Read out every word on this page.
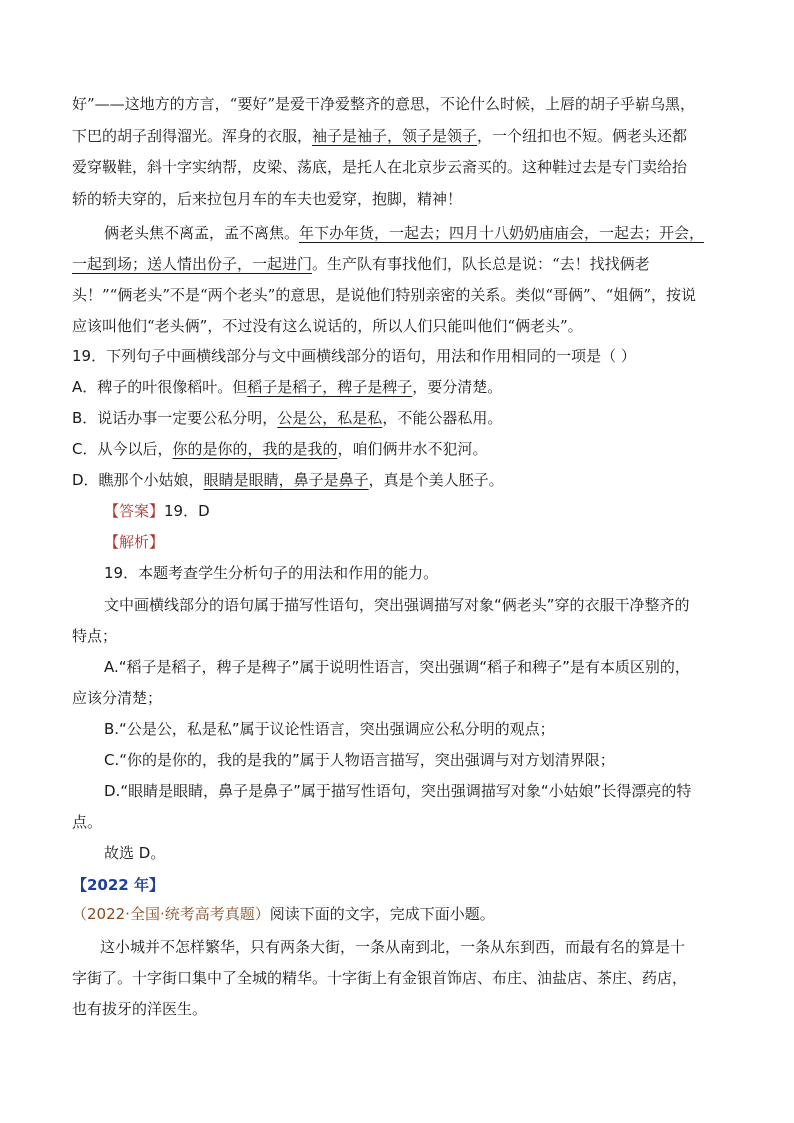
好”——这地方的方言，“要好”是爱干净爱整齐的意思，不论什么时候，上唇的胡子乎崭乌黑，
下巴的胡子刮得溜光。浑身的衣服，袖子是袖子，领子是领子，一个纽扣也不短。俩老头还都
爱穿靸鞋，斜十字实纳帮，皮梁、荡底，是托人在北京步云斋买的。这种鞋过去是专门卖给抬
轿的轿夫穿的，后来拉包月车的车夫也爱穿，抱脚，精神！
俩老头焦不离孟，孟不离焦。年下办年货，一起去；四月十八奶奶庙庙会，一起去；开会，
一起到场；送人情出份子，一起进门。生产队有事找他们，队长总是说：“去！找找俩老
头！”“俩老头”不是“两个老头”的意思，是说他们特别亲密的关系。类似“哥俩”、“姐俩”，按说
应该叫他们“老头俩”，不过没有这么说话的，所以人们只能叫他们“俩老头”。
19．下列句子中画横线部分与文中画横线部分的语句，用法和作用相同的一项是（ ）
A．稗子的叶很像稻叶。但稻子是稻子，稗子是稗子，要分清楚。
B．说话办事一定要公私分明，公是公，私是私，不能公器私用。
C．从今以后，你的是你的，我的是我的，咱们俩井水不犯河。
D．瞧那个小姑娘，眼睛是眼睛，鼻子是鼻子，真是个美人胚子。
【答案】19．D
【解析】
19．本题考查学生分析句子的用法和作用的能力。
文中画横线部分的语句属于描写性语句，突出强调描写对象“俩老头”穿的衣服干净整齐的
特点；
A.“稻子是稻子，稗子是稗子”属于说明性语言，突出强调“稻子和稗子”是有本质区别的，
应该分清楚；
B.“公是公，私是私”属于议论性语言，突出强调应公私分明的观点；
C.“你的是你的，我的是我的”属于人物语言描写，突出强调与对方划清界限；
D.“眼睛是眼睛，鼻子是鼻子”属于描写性语句，突出强调描写对象“小姑娘”长得漂亮的特
点。
故选 D。
【2022 年】
（2022·全国·统考高考真题）阅读下面的文字，完成下面小题。
这小城并不怎样繁华，只有两条大街，一条从南到北，一条从东到西，而最有名的算是十
字街了。十字街口集中了全城的精华。十字街上有金银首饰店、布庄、油盐店、茶庄、药店，
也有拔牙的洋医生。
